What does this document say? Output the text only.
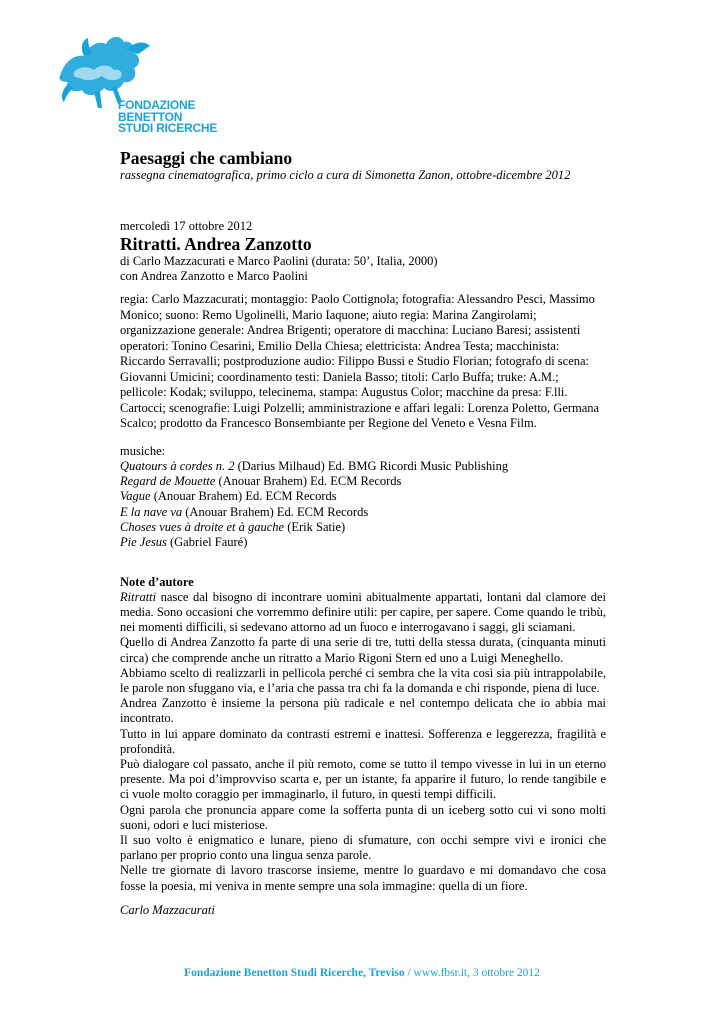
FONDAZIONE
BENETTON
STUDI RICERCHE
Paesaggi che cambiano
rassegna cinematografica, primo ciclo a cura di Simonetta Zanon, ottobre-dicembre 2012
mercoledì 17 ottobre 2012
Ritratti. Andrea Zanzotto
di Carlo Mazzacurati e Marco Paolini (durata: 50’, Italia, 2000)
con Andrea Zanzotto e Marco Paolini
regia: Carlo Mazzacurati; montaggio: Paolo Cottignola; fotografia: Alessandro Pesci, Massimo Monico; suono: Remo Ugolinelli, Mario Iaquone; aiuto regia: Marina Zangirolami; organizzazione generale: Andrea Brigenti; operatore di macchina: Luciano Baresi; assistenti operatori: Tonino Cesarini, Emilio Della Chiesa; elettricista: Andrea Testa; macchinista: Riccardo Serravalli; postproduzione audio: Filippo Bussi e Studio Florian; fotografo di scena: Giovanni Umicini; coordinamento testi: Daniela Basso; titoli: Carlo Buffa; truke: A.M.; pellicole: Kodak; sviluppo, telecinema, stampa: Augustus Color; macchine da presa: F.lli. Cartocci; scenografie: Luigi Polzelli; amministrazione e affari legali: Lorenza Poletto, Germana Scalco; prodotto da Francesco Bonsembiante per Regione del Veneto e Vesna Film.
musiche:
Quatours à cordes n. 2 (Darius Milhaud) Ed. BMG Ricordi Music Publishing
Regard de Mouette (Anouar Brahem) Ed. ECM Records
Vague (Anouar Brahem) Ed. ECM Records
E la nave va (Anouar Brahem) Ed. ECM Records
Choses vues à droite et à gauche (Erik Satie)
Pie Jesus (Gabriel Fauré)
Note d’autore
Ritratti nasce dal bisogno di incontrare uomini abitualmente appartati, lontani dal clamore dei media. Sono occasioni che vorremmo definire utili: per capire, per sapere. Come quando le tribù, nei momenti difficili, si sedevano attorno ad un fuoco e interrogavano i saggi, gli sciamani.
Quello di Andrea Zanzotto fa parte di una serie di tre, tutti della stessa durata, (cinquanta minuti circa) che comprende anche un ritratto a Mario Rigoni Stern ed uno a Luigi Meneghello.
Abbiamo scelto di realizzarli in pellicola perché ci sembra che la vita così sia più intrappolabile, le parole non sfuggano via, e l’aria che passa tra chi fa la domanda e chi risponde, piena di luce.
Andrea Zanzotto è insieme la persona più radicale e nel contempo delicata che io abbia mai incontrato.
Tutto in lui appare dominato da contrasti estremi e inattesi. Sofferenza e leggerezza, fragilità e profondità.
Può dialogare col passato, anche il più remoto, come se tutto il tempo vivesse in lui in un eterno presente. Ma poi d’improvviso scarta e, per un istante, fa apparire il futuro, lo rende tangibile e ci vuole molto coraggio per immaginarlo, il futuro, in questi tempi difficili.
Ogni parola che pronuncia appare come la sofferta punta di un iceberg sotto cui vi sono molti suoni, odori e luci misteriose.
Il suo volto è enigmatico e lunare, pieno di sfumature, con occhi sempre vivi e ironici che parlano per proprio conto una lingua senza parole.
Nelle tre giornate di lavoro trascorse insieme, mentre lo guardavo e mi domandavo che cosa fosse la poesia, mi veniva in mente sempre una sola immagine: quella di un fiore.
Carlo Mazzacurati
Fondazione Benetton Studi Ricerche, Treviso / www.fbsr.it, 3 ottobre 2012
